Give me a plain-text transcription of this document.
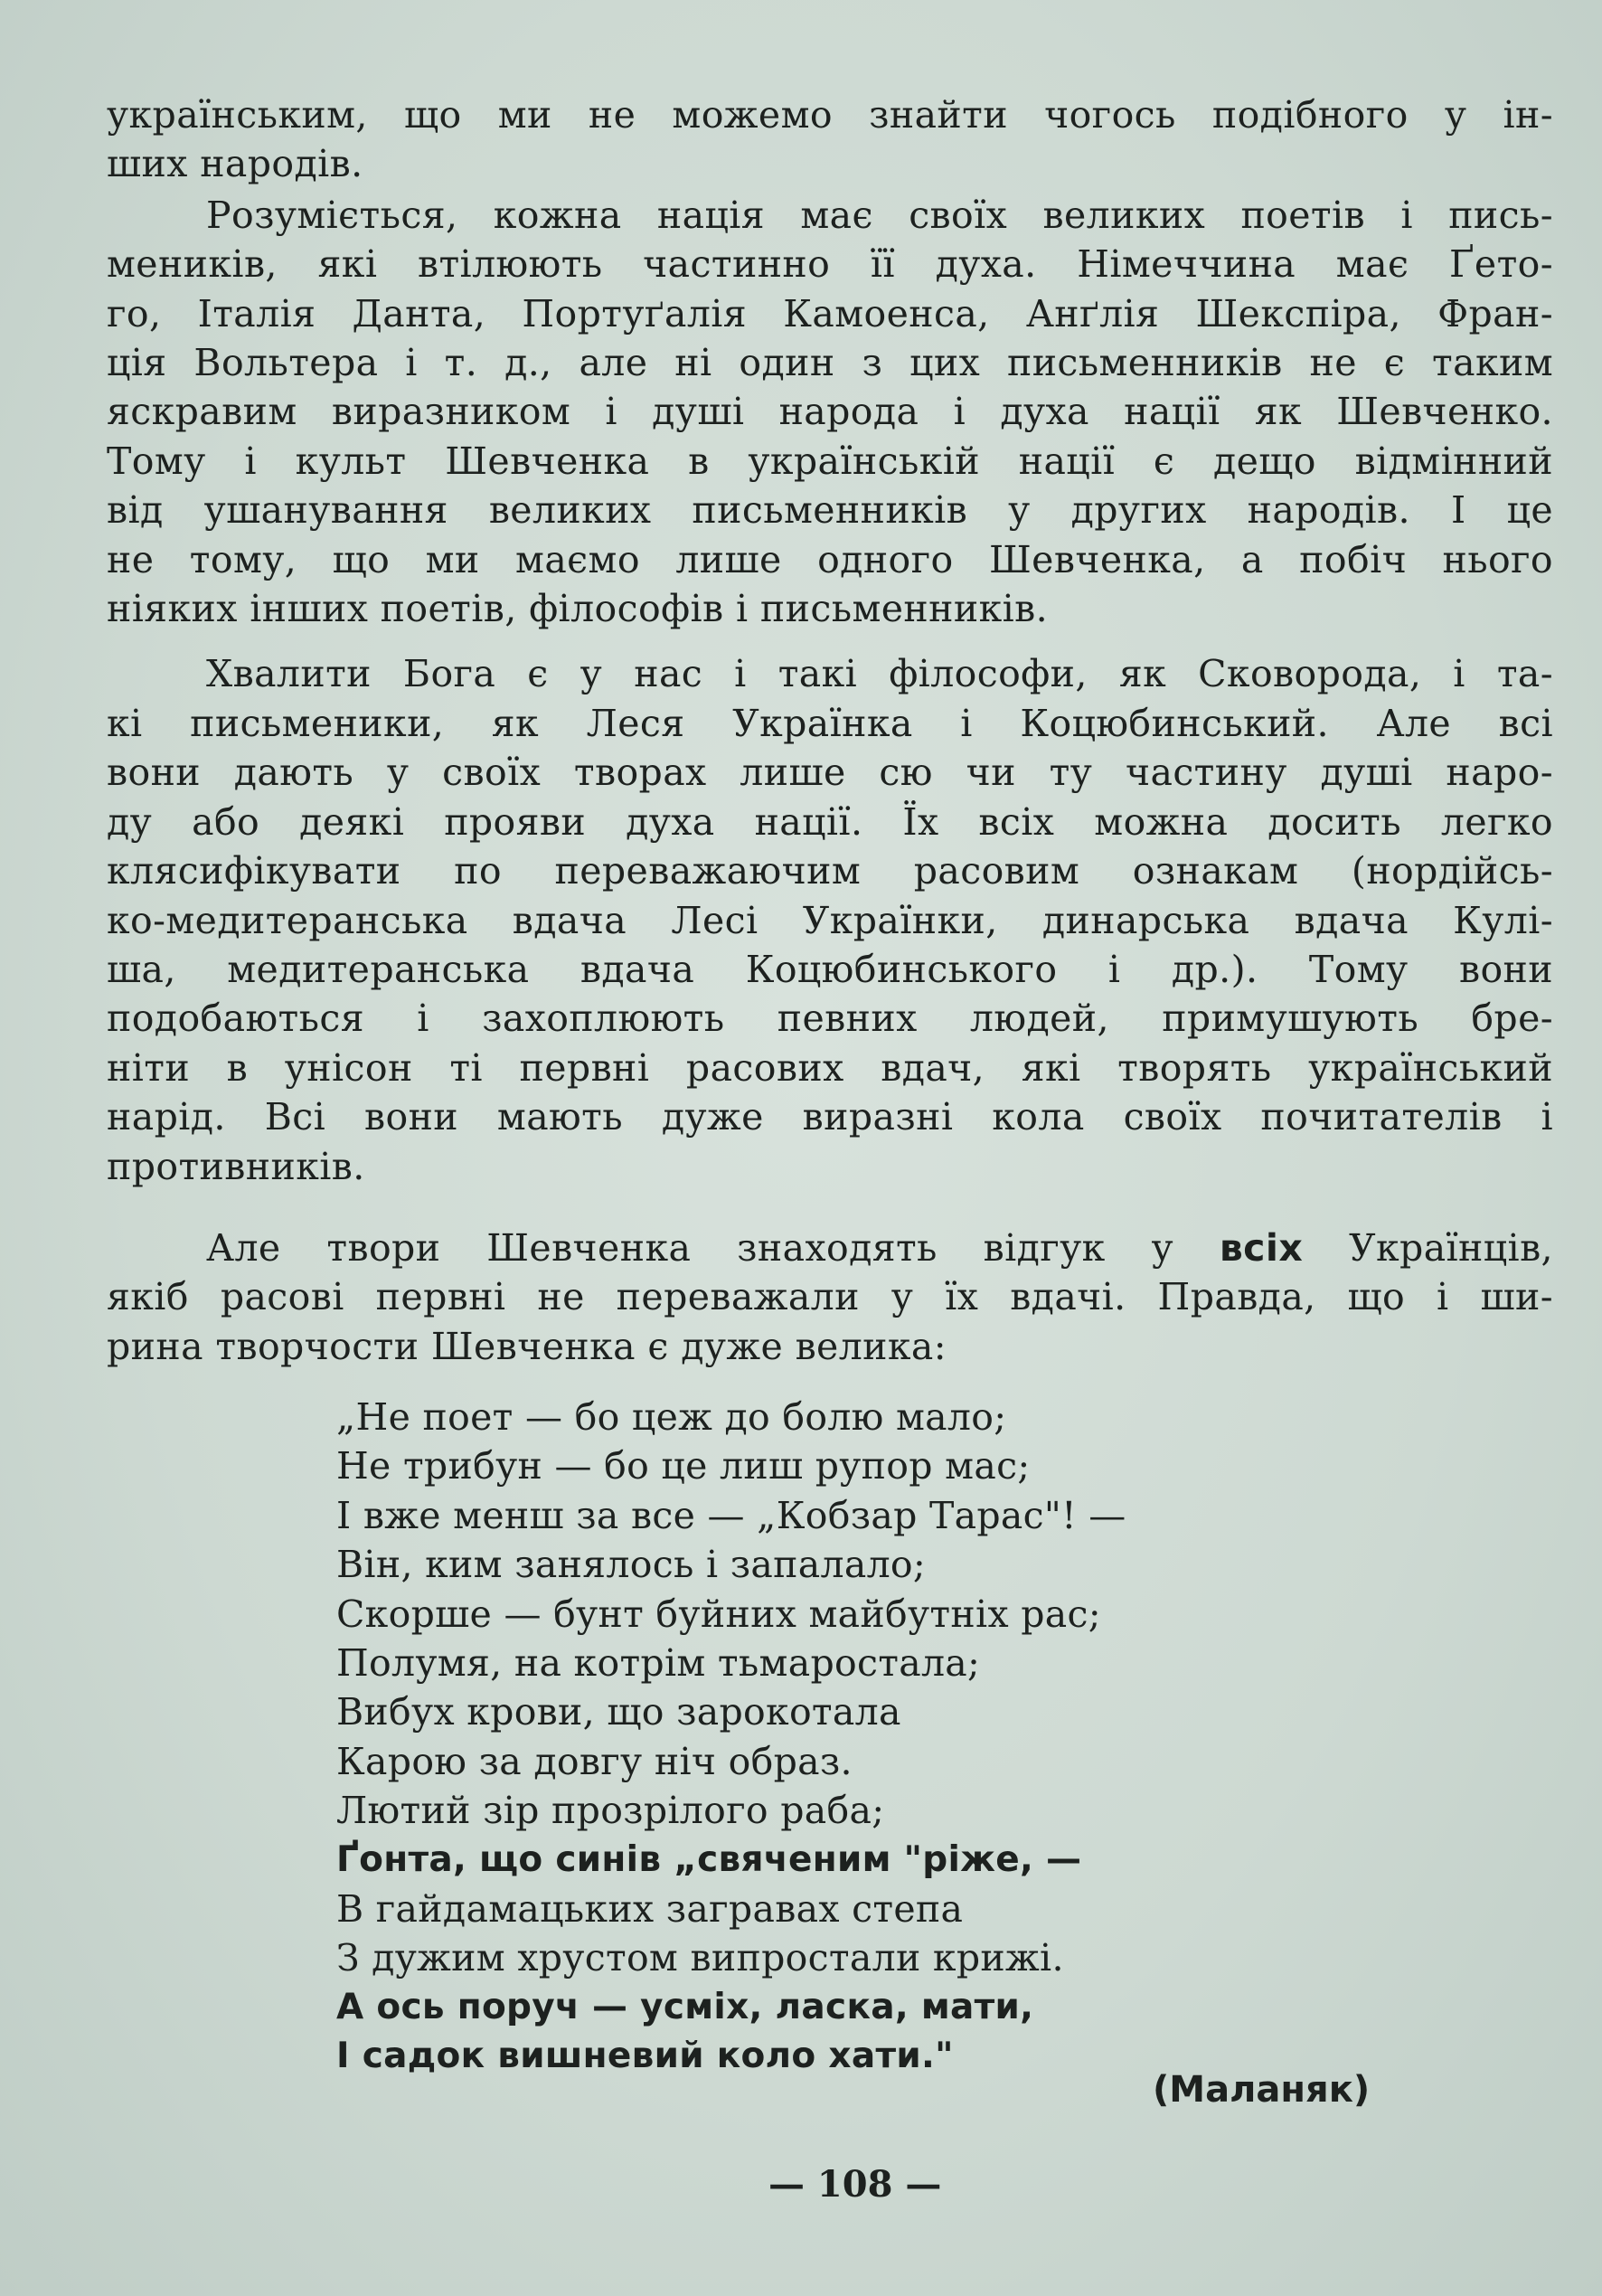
українським, що ми не можемо знайти чогось подібного у ін-
ших народів.
Розуміється, кожна нація має своїх великих поетів і пись-
меників, які втілюють частинно її духа. Німеччина має Ґето-
го, Італія Данта, Портуґалія Камоенса, Анґлія Шекспіра, Фран-
ція Вольтера і т. д., але ні один з цих письменників не є таким
яскравим виразником і душі народа і духа нації як Шевченко.
Тому і культ Шевченка в українській нації є дещо відмінний
від ушанування великих письменників у других народів. І це
не тому, що ми маємо лише одного Шевченка, а побіч нього
ніяких інших поетів, філософів і письменників.
Хвалити Бога є у нас і такі філософи, як Сковорода, і та-
кі письменики, як Леся Українка і Коцюбинський. Але всі
вони дають у своїх творах лише сю чи ту частину душі наро-
ду або деякі прояви духа нації. Їх всіх можна досить легко
клясифікувати по переважаючим расовим ознакам (нордійсь-
ко-медитеранська вдача Лесі Українки, динарська вдача Кулі-
ша, медитеранська вдача Коцюбинського і др.). Тому вони
подобаються і захоплюють певних людей, примушують бре-
ніти в унісон ті первні расових вдач, які творять український
нарід. Всі вони мають дуже виразні кола своїх почитателів і
противників.
Але твори Шевченка знаходять відгук у всіх Українців,
якіб расові первні не переважали у їх вдачі. Правда, що і ши-
рина творчости Шевченка є дуже велика:
„Не поет — бо цеж до болю мало;
Не трибун — бо це лиш рупор мас;
І вже менш за все — „Кобзар Тарас"! —
Він, ким занялось і запалало;
Скорше — бунт буйних майбутніх рас;
Полумя, на котрім тьмаростала;
Вибух крови, що зарокотала
Карою за довгу ніч образ.
Лютий зір прозрілого раба;
Ґонта, що синів „свяченим "ріже, —
В гайдамацьких загравах степа
З дужим хрустом випростали крижі.
А ось поруч — усміх, ласка, мати,
І садок вишневий коло хати."
(Маланяк)
— 108 —
